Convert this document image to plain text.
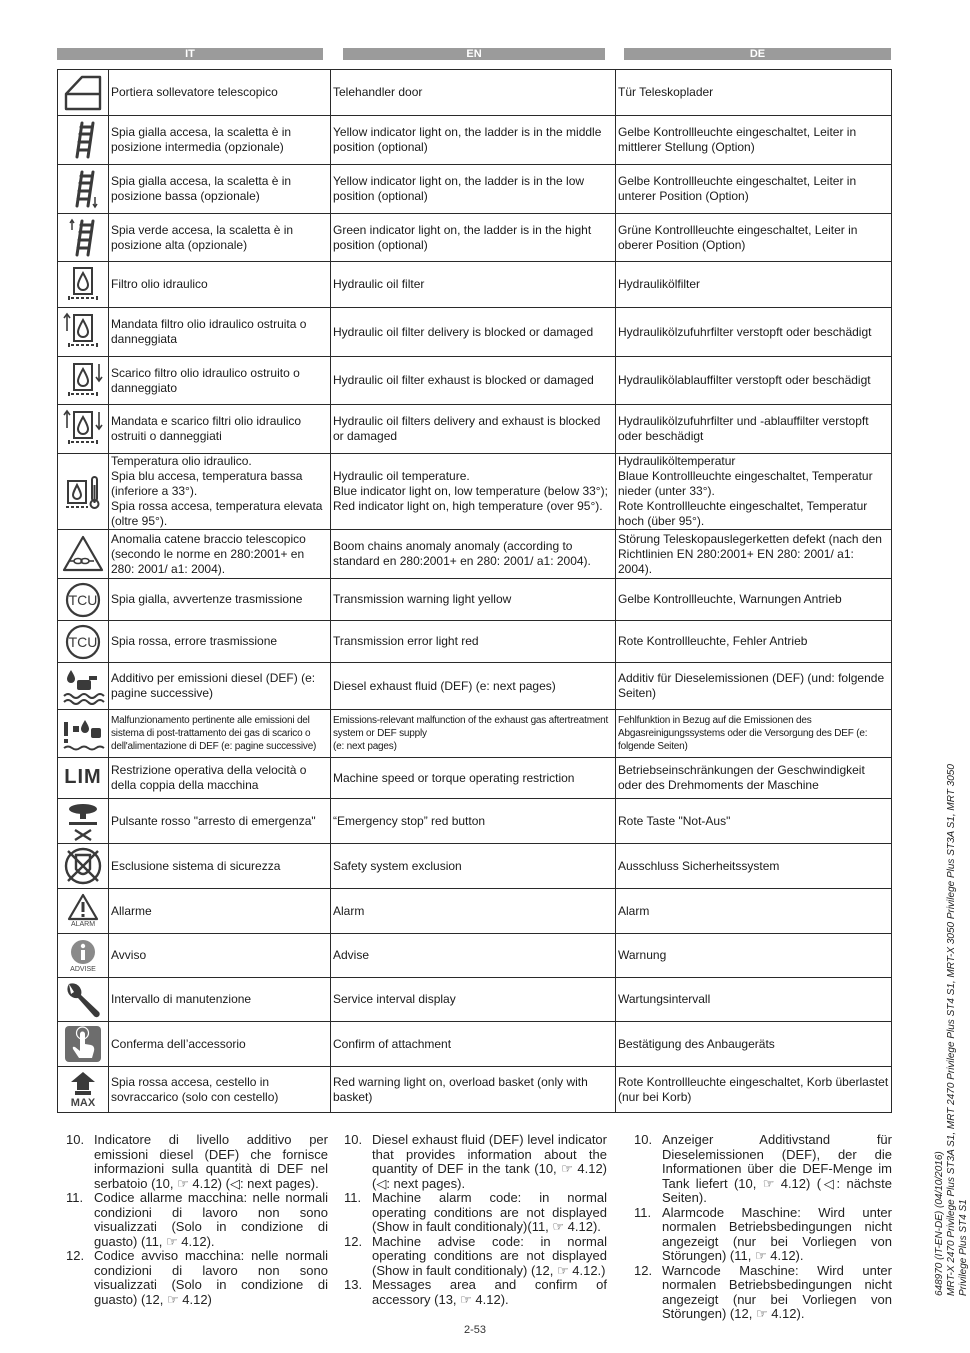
IT	EN	DE
	Portiera sollevatore telescopico	Telehandler door	Tür Teleskoplader

	Spia gialla accesa, la scaletta è in posizione intermedia (opzionale)	Yellow indicator light on, the ladder is in the middle position (optional)	Gelbe Kontrollleuchte eingeschaltet, Leiter in mittlerer Stellung (Option)

	Spia gialla accesa, la scaletta è in posizione bassa (opzionale)	Yellow indicator light on, the ladder is in the low position (optional)	Gelbe Kontrollleuchte eingeschaltet, Leiter in unterer Position (Option)

	Spia verde accesa, la scaletta è in posizione alta (opzionale)	Green indicator light on, the ladder is in the hight position (optional)	Grüne Kontrollleuchte eingeschaltet, Leiter in oberer Position (Option)

	Filtro olio idraulico	Hydraulic oil filter	Hydraulikölfilter

	Mandata filtro olio idraulico ostruita o danneggiata	Hydraulic oil filter delivery is blocked or damaged	Hydraulikölzufuhrfilter verstopft oder beschädigt

	Scarico filtro olio idraulico ostruito o danneggiato	Hydraulic oil filter exhaust is blocked or damaged	Hydraulikölablauffilter verstopft oder beschädigt

	Mandata e scarico filtri olio idraulico ostruiti o danneggiati	Hydraulic oil filters delivery and exhaust is blocked or damaged	Hydraulikölzufuhrfilter und -ablauffilter verstopft oder beschädigt

	Temperatura olio idraulico.
Spia blu accesa, temperatura bassa (inferiore a 33°).
Spia rossa accesa, temperatura elevata (oltre 95°).	Hydraulic oil temperature.
Blue indicator light on, low temperature (below 33°);
Red indicator light on, high temperature (over 95°).	Hydrauliköltemperatur
Blaue Kontrollleuchte eingeschaltet, Temperatur nieder (unter 33°).
Rote Kontrollleuchte eingeschaltet, Temperatur hoch (über 95°).

	Anomalia catene braccio telescopico (secondo le norme en 280:2001+ en 280: 2001/ a1: 2004).	Boom chains anomaly anomaly (according to standard en 280:2001+ en 280: 2001/ a1: 2004).	Störung Teleskopauslegerketten defekt (nach den Richtlinien EN 280:2001+ EN 280: 2001/ a1: 2004).

TCU	Spia gialla, avvertenze trasmissione	Transmission warning light yellow	Gelbe Kontrollleuchte, Warnungen Antrieb

TCU	Spia rossa, errore trasmissione	Transmission error light red	Rote Kontrollleuchte, Fehler Antrieb

	Additivo per emissioni diesel (DEF) (e: pagine successive)	Diesel exhaust fluid (DEF) (e: next pages)	Additiv für Dieselemissionen (DEF) (und: folgende Seiten)

	Malfunzionamento pertinente alle emissioni del sistema di post-trattamento dei gas di scarico o dell'alimentazione di DEF (e: pagine successive)	Emissions-relevant malfunction of the exhaust gas aftertreatment system or DEF supply
(e: next pages)	Fehlfunktion in Bezug auf die Emissionen des Abgasreinigungssystems oder die Versorgung des DEF (e: folgende Seiten)
LIM	Restrizione operativa della velocità o della coppia della macchina	Machine speed or torque operating restriction	Betriebseinschränkungen der Geschwindigkeit oder des Drehmoments der Maschine

	Pulsante rosso "arresto di emergenza"	“Emergency stop” red button	Rote Taste "Not-Aus"

	Esclusione sistema di sicurezza	Safety system exclusion	Ausschluss Sicherheitssystem

ALARM	Allarme	Alarm	Alarm

ADVISE	Avviso	Advise	Warnung

	Intervallo di manutenzione	Service interval display	Wartungsintervall

	Conferma dell’accessorio	Confirm of attachment	Bestätigung des Anbaugeräts

MAX	Spia rossa accesa, cestello in sovraccarico (solo con cestello)	Red warning light on, overload basket (only with basket)	Rote Kontrollleuchte eingeschaltet, Korb überlastet (nur bei Korb)
10. Indicatore di livello additivo per emissioni diesel (DEF) che fornisce informazioni sulla quantità di DEF nel serbatoio (10, ☞ 4.12) (◁: next pages).
11. Codice allarme macchina: nelle normali condizioni di lavoro non sono visualizzati (Solo in condizione di guasto) (11, ☞ 4.12).
12. Codice avviso macchina: nelle normali condizioni di lavoro non sono visualizzati (Solo in condizione di guasto) (12, ☞ 4.12)
10. Diesel exhaust fluid (DEF) level indicator that provides information about the quantity of DEF in the tank (10, ☞ 4.12) (◁: next pages).
11. Machine alarm code: in normal operating conditions are not displayed (Show in fault conditionaly)(11, ☞ 4.12).
12. Machine advise code: in normal operating conditions are not displayed (Show in fault conditionaly) (12, ☞ 4.12.)
13. Messages area and confirm of accessory (13, ☞ 4.12).
10. Anzeiger Additivstand für Dieselemissionen (DEF), der die Informationen über die DEF-Menge im Tank liefert (10, ☞ 4.12) (◁: nächste Seiten).
11. Alarmcode Maschine: Wird unter normalen Betriebsbedingungen nicht angezeigt (nur bei Vorliegen von Störungen) (11, ☞ 4.12).
12. Warncode Maschine: Wird unter normalen Betriebsbedingungen nicht angezeigt (nur bei Vorliegen von Störungen) (12, ☞ 4.12).
2-53
648970 (IT-EN-DE) (04/10/2016) MRT-X 2470 Privilege Plus ST3A S1, MRT 2470 Privilege Plus ST4 S1, MRT-X 3050 Privilege Plus ST3A S1, MRT 3050 Privilege Plus ST4 S1
